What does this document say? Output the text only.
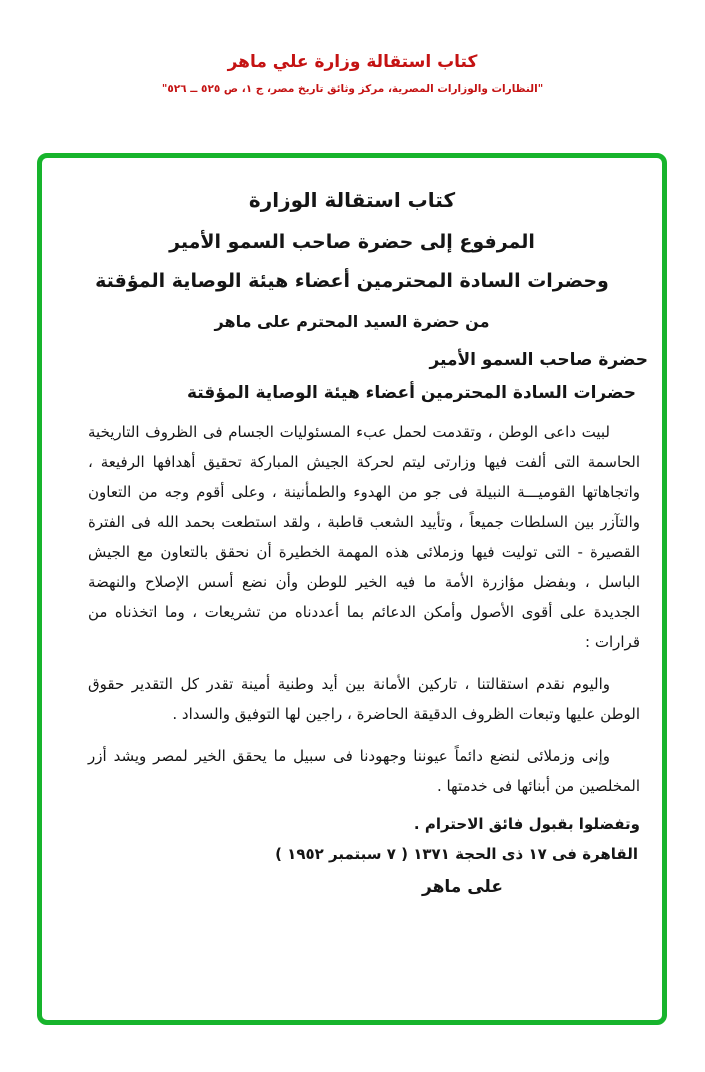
كتاب استقالة وزارة علي ماهر
"النظارات والوزارات المصرية، مركز وثائق تاريخ مصر، ج ١، ص ٥٢٥ ــ ٥٢٦"
كتاب استقالة الوزارة
المرفوع إلى حضرة صاحب السمو الأمير
وحضرات السادة المحترمين أعضاء هيئة الوصاية المؤقتة
من حضرة السيد المحترم على ماهر
حضرة صاحب السمو الأمير
حضرات السادة المحترمين أعضاء هيئة الوصاية المؤقتة
لبيت داعى الوطن ، وتقدمت لحمل عبء المسئوليات الجسام فى الظروف التاريخية الحاسمة التى ألفت فيها وزارتى ليتم لحركة الجيش المباركة تحقيق أهدافها الرفيعة ، واتجاهاتها القوميـــة النبيلة فى جو من الهدوء والطمأنينة ، وعلى أقوم وجه من التعاون والتآزر بين السلطات جميعاً ، وتأييد الشعب قاطبة ، ولقد استطعت بحمد الله فى الفترة القصيرة - التى توليت فيها وزملائى هذه المهمة الخطيرة أن نحقق بالتعاون مع الجيش الباسل ، وبفضل مؤازرة الأمة ما فيه الخير للوطن وأن نضع أسس الإصلاح والنهضة الجديدة على أقوى الأصول وأمكن الدعائم بما أعددناه من تشريعات ، وما اتخذناه من قرارات :
واليوم نقدم استقالتنا ، تاركين الأمانة بين أيد وطنية أمينة تقدر كل التقدير حقوق الوطن عليها وتبعات الظروف الدقيقة الحاضرة ، راجين لها التوفيق والسداد .
وإنى وزملائى لنضع دائماً عيوننا وجهودنا فى سبيل ما يحقق الخير لمصر ويشد أزر المخلصين من أبنائها فى خدمتها .
وتفضلوا بقبول فائق الاحترام .
القاهرة فى ١٧ ذى الحجة ١٣٧١ ( ٧ سبتمبر ١٩٥٢ )
على ماهر
